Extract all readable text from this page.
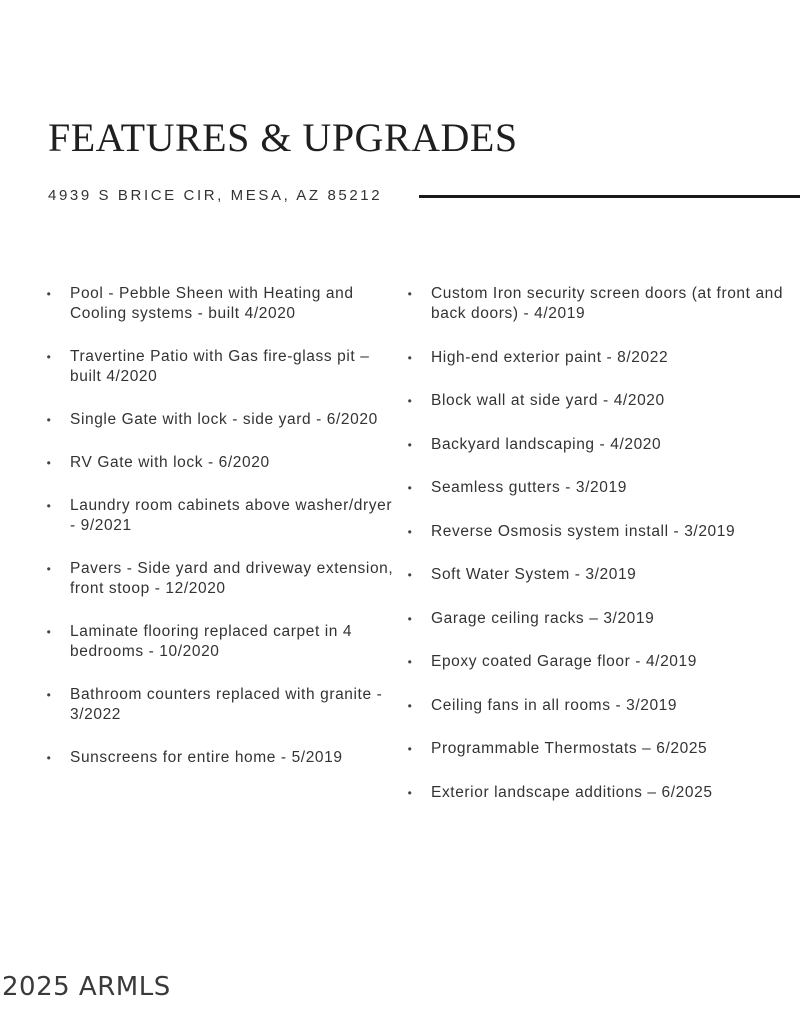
FEATURES & UPGRADES
4939 S BRICE CIR, MESA, AZ 85212
• Pool - Pebble Sheen with Heating and Cooling systems - built 4/2020
• Travertine Patio with Gas fire-glass pit – built 4/2020
• Single Gate with lock - side yard - 6/2020
• RV Gate with lock - 6/2020
• Laundry room cabinets above washer/dryer - 9/2021
• Pavers - Side yard and driveway extension, front stoop - 12/2020
• Laminate flooring replaced carpet in 4 bedrooms - 10/2020
• Bathroom counters replaced with granite - 3/2022
• Sunscreens for entire home - 5/2019
• Custom Iron security screen doors (at front and back doors) - 4/2019
• High-end exterior paint - 8/2022
• Block wall at side yard - 4/2020
• Backyard landscaping - 4/2020
• Seamless gutters - 3/2019
• Reverse Osmosis system install - 3/2019
• Soft Water System - 3/2019
• Garage ceiling racks – 3/2019
• Epoxy coated Garage floor - 4/2019
• Ceiling fans in all rooms - 3/2019
• Programmable Thermostats – 6/2025
• Exterior landscape additions – 6/2025
2025 ARMLS
